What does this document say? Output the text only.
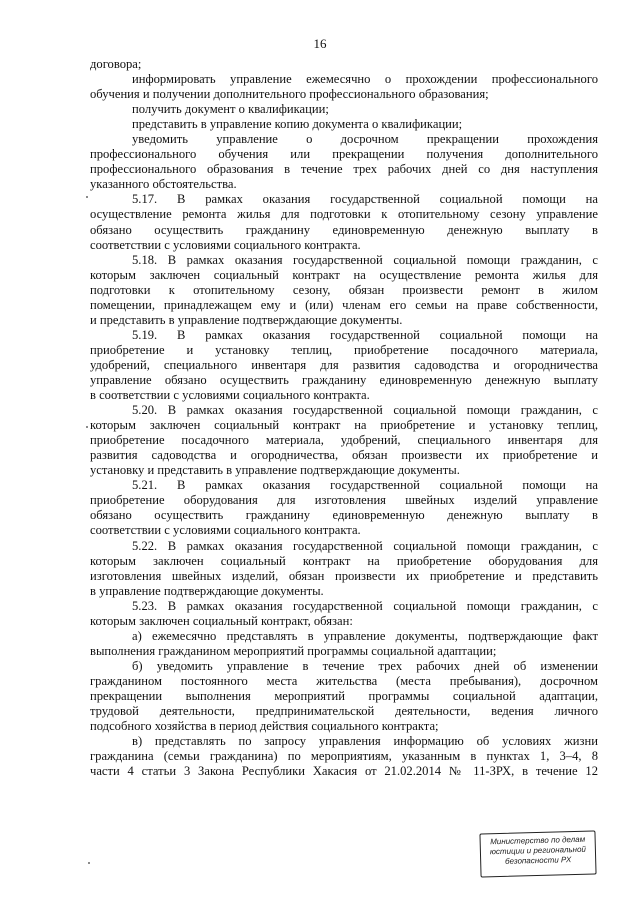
16
договора;
информировать управление ежемесячно о прохождении профессионального
обучения и получении дополнительного профессионального образования;
получить документ о квалификации;
представить в управление копию документа о квалификации;
уведомить управление о досрочном прекращении прохождения
профессионального обучения или прекращении получения дополнительного
профессионального образования в течение трех рабочих дней со дня наступления
указанного обстоятельства.
5.17. В рамках оказания государственной социальной помощи на
осуществление ремонта жилья для подготовки к отопительному сезону управление
обязано осуществить гражданину единовременную денежную выплату в
соответствии с условиями социального контракта.
5.18. В рамках оказания государственной социальной помощи гражданин, с
которым заключен социальный контракт на осуществление ремонта жилья для
подготовки к отопительному сезону, обязан произвести ремонт в жилом
помещении, принадлежащем ему и (или) членам его семьи на праве собственности,
и представить в управление подтверждающие документы.
5.19. В рамках оказания государственной социальной помощи на
приобретение и установку теплиц, приобретение посадочного материала,
удобрений, специального инвентаря для развития садоводства и огородничества
управление обязано осуществить гражданину единовременную денежную выплату
в соответствии с условиями социального контракта.
5.20. В рамках оказания государственной социальной помощи гражданин, с
которым заключен социальный контракт на приобретение и установку теплиц,
приобретение посадочного материала, удобрений, специального инвентаря для
развития садоводства и огородничества, обязан произвести их приобретение и
установку и представить в управление подтверждающие документы.
5.21. В рамках оказания государственной социальной помощи на
приобретение оборудования для изготовления швейных изделий управление
обязано осуществить гражданину единовременную денежную выплату в
соответствии с условиями социального контракта.
5.22. В рамках оказания государственной социальной помощи гражданин, с
которым заключен социальный контракт на приобретение оборудования для
изготовления швейных изделий, обязан произвести их приобретение и представить
в управление подтверждающие документы.
5.23. В рамках оказания государственной социальной помощи гражданин, с
которым заключен социальный контракт, обязан:
а) ежемесячно представлять в управление документы, подтверждающие факт
выполнения гражданином мероприятий программы социальной адаптации;
б) уведомить управление в течение трех рабочих дней об изменении
гражданином постоянного места жительства (места пребывания), досрочном
прекращении выполнения мероприятий программы социальной адаптации,
трудовой деятельности, предпринимательской деятельности, ведения личного
подсобного хозяйства в период действия социального контракта;
в) представлять по запросу управления информацию об условиях жизни
гражданина (семьи гражданина) по мероприятиям, указанным в пунктах 1, 3–4, 8
части 4 статьи 3 Закона Республики Хакасия от 21.02.2014 № 11-ЗРХ, в течение 12
Министерство по делам
юстиции и региональной
безопасности РХ
